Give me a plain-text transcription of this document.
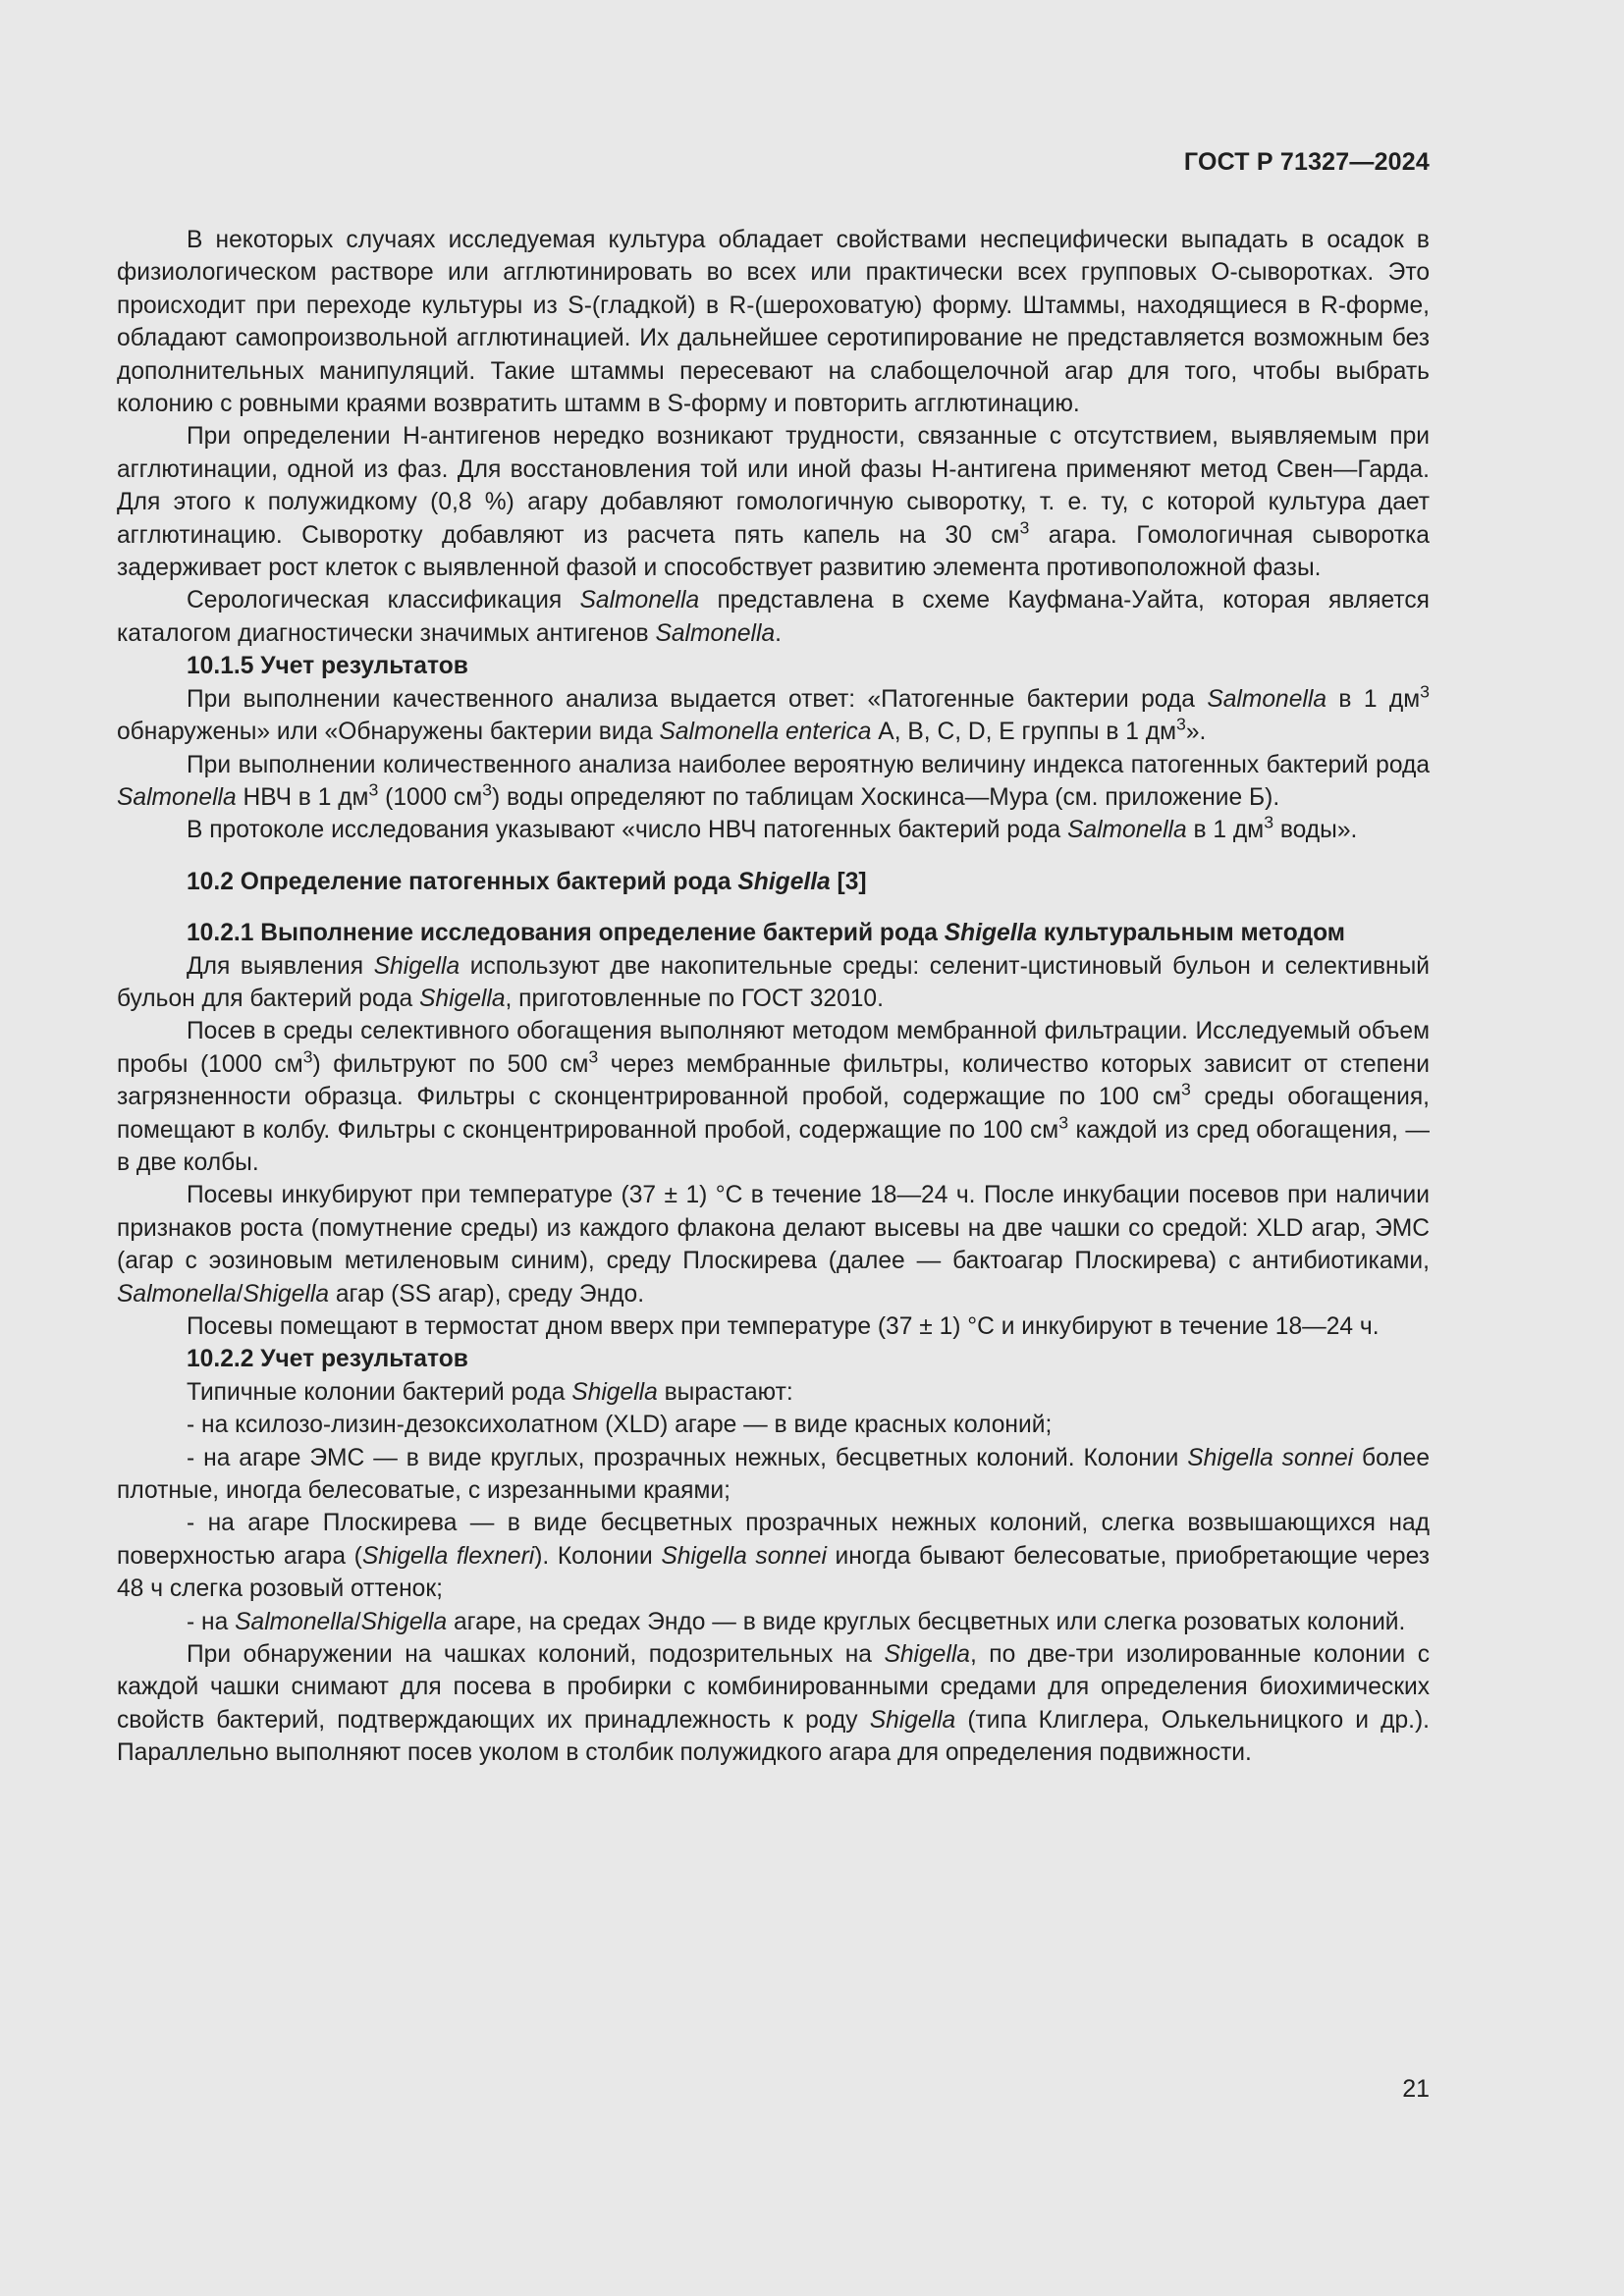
ГОСТ Р 71327—2024

В некоторых случаях исследуемая культура обладает свойствами неспецифически выпадать в осадок в физиологическом растворе или агглютинировать во всех или практически всех групповых О-сыворотках. Это происходит при переходе культуры из S-(гладкой) в R-(шероховатую) форму. Штаммы, находящиеся в R-форме, обладают самопроизвольной агглютинацией. Их дальнейшее серотипирование не представляется возможным без дополнительных манипуляций. Такие штаммы пересевают на слабощелочной агар для того, чтобы выбрать колонию с ровными краями возвратить штамм в S-форму и повторить агглютинацию.

При определении Н-антигенов нередко возникают трудности, связанные с отсутствием, выявляемым при агглютинации, одной из фаз. Для восстановления той или иной фазы Н-антигена применяют метод Свен—Гарда. Для этого к полужидкому (0,8 %) агару добавляют гомологичную сыворотку, т. е. ту, с которой культура дает агглютинацию. Сыворотку добавляют из расчета пять капель на 30 $см^3$ агара. Гомологичная сыворотка задерживает рост клеток с выявленной фазой и способствует развитию элемента противоположной фазы.

Серологическая классификация Salmonella представлена в схеме Кауфмана-Уайта, которая является каталогом диагностически значимых антигенов Salmonella.

10.1.5 Учет результатов

При выполнении качественного анализа выдается ответ: «Патогенные бактерии рода Salmonella в 1 $дм^3$ обнаружены» или «Обнаружены бактерии вида Salmonella enterica А, В, С, D, Е группы в 1 $дм^3$».

При выполнении количественного анализа наиболее вероятную величину индекса патогенных бактерий рода Salmonella НВЧ в 1 $дм^3$ (1000 $см^3$) воды определяют по таблицам Хоскинса—Мура (см. приложение Б).

В протоколе исследования указывают «число НВЧ патогенных бактерий рода Salmonella в 1 $дм^3$ воды».

10.2 Определение патогенных бактерий рода Shigella [3]

10.2.1 Выполнение исследования определение бактерий рода Shigella культуральным методом

Для выявления Shigella используют две накопительные среды: селенит-цистиновый бульон и селективный бульон для бактерий рода Shigella, приготовленные по ГОСТ 32010.

Посев в среды селективного обогащения выполняют методом мембранной фильтрации. Исследуемый объем пробы (1000 $см^3$) фильтруют по 500 $см^3$ через мембранные фильтры, количество которых зависит от степени загрязненности образца. Фильтры с сконцентрированной пробой, содержащие по 100 $см^3$ среды обогащения, помещают в колбу. Фильтры с сконцентрированной пробой, содержащие по 100 $см^3$ каждой из сред обогащения, — в две колбы.

Посевы инкубируют при температуре (37 ± 1) °С в течение 18—24 ч. После инкубации посевов при наличии признаков роста (помутнение среды) из каждого флакона делают высевы на две чашки со средой: XLD агар, ЭМС (агар с эозиновым метиленовым синим), среду Плоскирева (далее — бактоагар Плоскирева) с антибиотиками, Salmonella/Shigella агар (SS агар), среду Эндо.

Посевы помещают в термостат дном вверх при температуре (37 ± 1) °С и инкубируют в течение 18—24 ч.

10.2.2 Учет результатов

Типичные колонии бактерий рода Shigella вырастают:

- на ксилозо-лизин-дезоксихолатном (XLD) агаре — в виде красных колоний;

- на агаре ЭМС — в виде круглых, прозрачных нежных, бесцветных колоний. Колонии Shigella sonnei более плотные, иногда белесоватые, с изрезанными краями;

- на агаре Плоскирева — в виде бесцветных прозрачных нежных колоний, слегка возвышающихся над поверхностью агара (Shigella flexneri). Колонии Shigella sonnei иногда бывают белесоватые, приобретающие через 48 ч слегка розовый оттенок;

- на Salmonella/Shigella агаре, на средах Эндо — в виде круглых бесцветных или слегка розоватых колоний.

При обнаружении на чашках колоний, подозрительных на Shigella, по две-три изолированные колонии с каждой чашки снимают для посева в пробирки с комбинированными средами для определения биохимических свойств бактерий, подтверждающих их принадлежность к роду Shigella (типа Клиглера, Олькельницкого и др.). Параллельно выполняют посев уколом в столбик полужидкого агара для определения подвижности.

21
